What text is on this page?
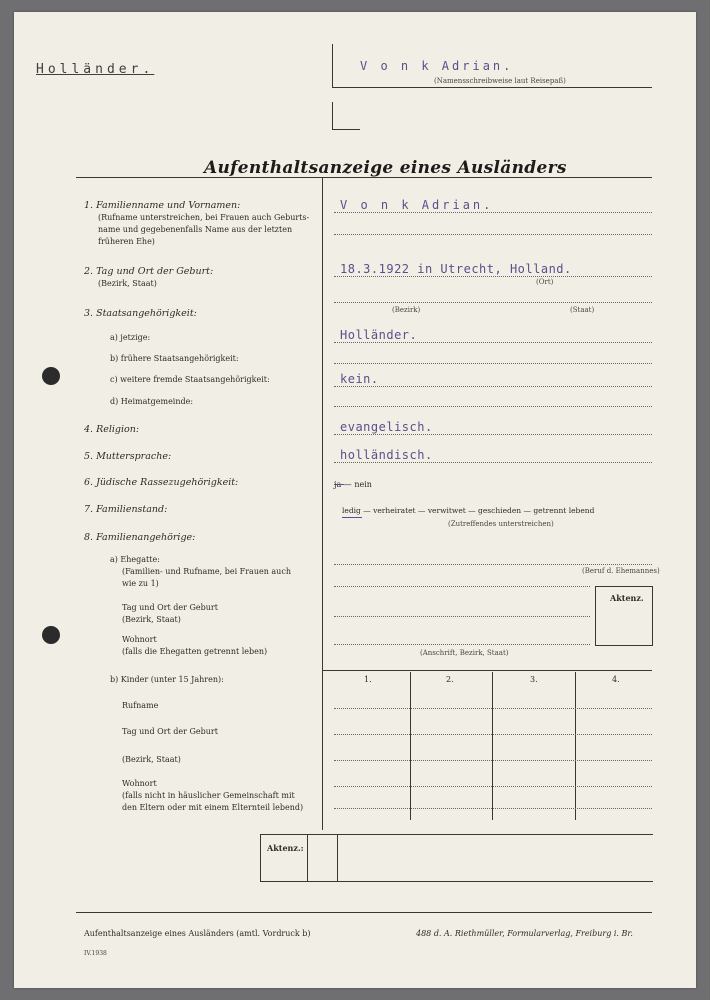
Holländer.	V o n k Adrian.
(Namensschreibweise laut Reisepaß)
Aufenthaltsanzeige eines Ausländers
1. Familienname und Vornamen:
(Rufname unterstreichen, bei Frauen auch Geburts-
name und gegebenenfalls Name aus der letzten
früheren Ehe)
V o n k Adrian.
2. Tag und Ort der Geburt:
(Bezirk, Staat)
18.3.1922 in Utrecht, Holland.
(Ort)
(Bezirk)	(Staat)
3. Staatsangehörigkeit:
a) jetzige:	Holländer.
b) frühere Staatsangehörigkeit:
c) weitere fremde Staatsangehörigkeit:	kein.
d) Heimatgemeinde:
4. Religion:	evangelisch.
5. Muttersprache:	holländisch.
6. Jüdische Rassezugehörigkeit:	ja — nein
7. Familienstand:	ledig — verheiratet — verwitwet — geschieden — getrennt lebend
(Zutreffendes unterstreichen)
8. Familienangehörige:
a) Ehegatte:
(Familien- und Rufname, bei Frauen auch
wie zu 1)
(Beruf d. Ehemannes)
Tag und Ort der Geburt
(Bezirk, Staat)
Wohnort
(falls die Ehegatten getrennt leben)	(Anschrift, Bezirk, Staat)
Aktenz.
b) Kinder (unter 15 Jahren):	1.	2.	3.	4.
Rufname
Tag und Ort der Geburt
(Bezirk, Staat)
Wohnort
(falls nicht in häuslicher Gemeinschaft mit
den Eltern oder mit einem Elternteil lebend)
Aktenz.:
Aufenthaltsanzeige eines Ausländers (amtl. Vordruck b)	488 d. A. Riethmüller, Formularverlag, Freiburg i. Br.
IV.1938
